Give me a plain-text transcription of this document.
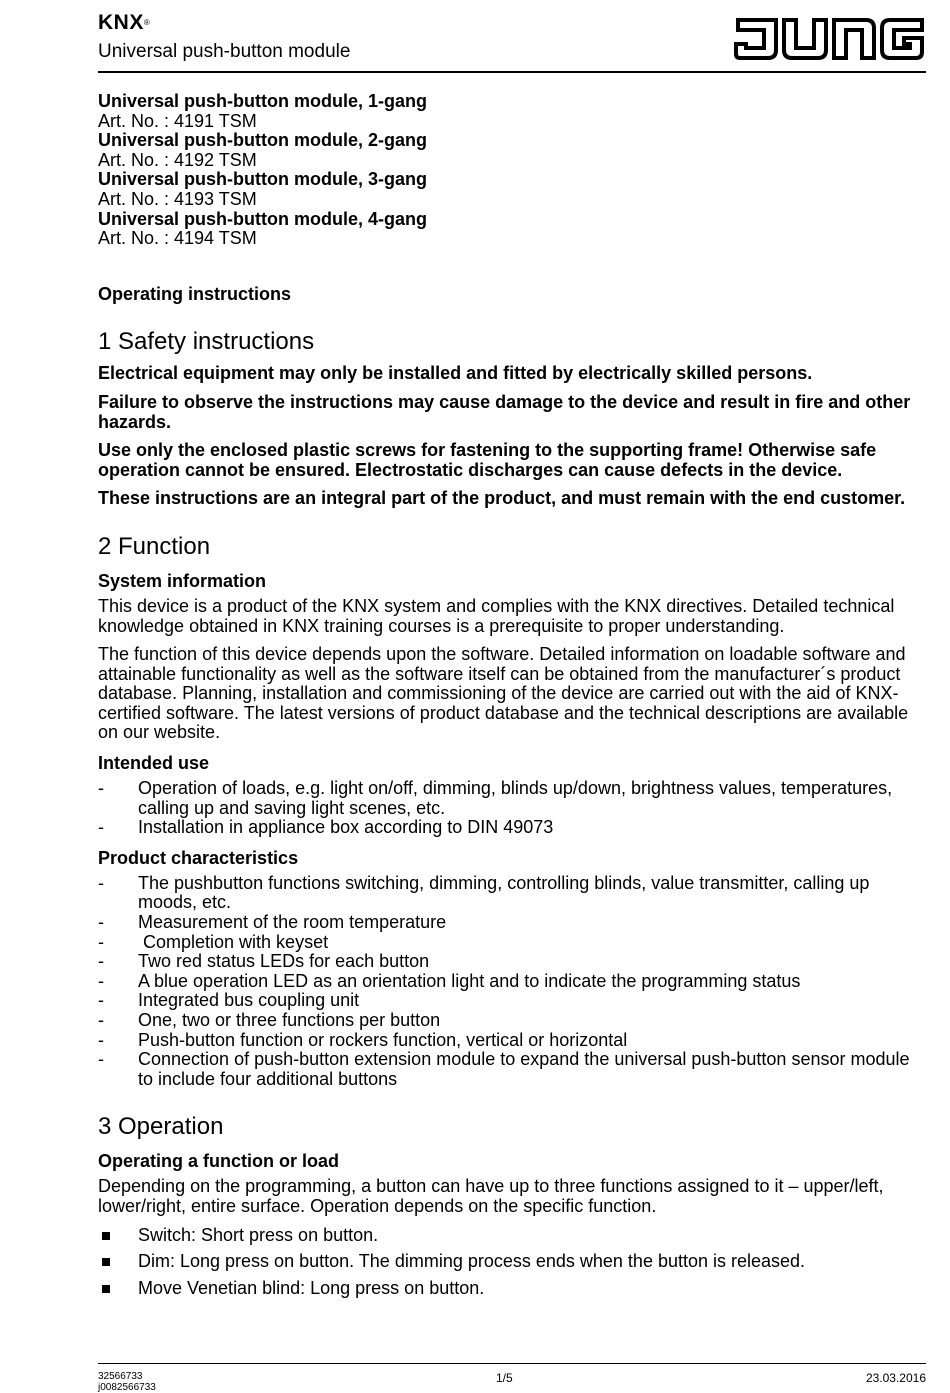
KNX®
Universal push-button module
Universal push-button module, 1-gang
Art. No. : 4191 TSM
Universal push-button module, 2-gang
Art. No. : 4192 TSM
Universal push-button module, 3-gang
Art. No. : 4193 TSM
Universal push-button module, 4-gang
Art. No. : 4194 TSM
Operating instructions
1 Safety instructions

Electrical equipment may only be installed and fitted by electrically skilled persons.

Failure to observe the instructions may cause damage to the device and result in fire and other hazards.

Use only the enclosed plastic screws for fastening to the supporting frame! Otherwise safe operation cannot be ensured. Electrostatic discharges can cause defects in the device.

These instructions are an integral part of the product, and must remain with the end customer.

2 Function
System information

This device is a product of the KNX system and complies with the KNX directives. Detailed technical knowledge obtained in KNX training courses is a prerequisite to proper understanding.

The function of this device depends upon the software. Detailed information on loadable software and attainable functionality as well as the software itself can be obtained from the manufacturer´s product database. Planning, installation and commissioning of the device are carried out with the aid of KNX-certified software. The latest versions of product database and the technical descriptions are available on our website.

Intended use
- Operation of loads, e.g. light on/off, dimming, blinds up/down, brightness values, temperatures, calling up and saving light scenes, etc.
- Installation in appliance box according to DIN 49073
Product characteristics
- The pushbutton functions switching, dimming, controlling blinds, value transmitter, calling up moods, etc.
- Measurement of the room temperature
- Completion with keyset
- Two red status LEDs for each button
- A blue operation LED as an orientation light and to indicate the programming status
- Integrated bus coupling unit
- One, two or three functions per button
- Push-button function or rockers function, vertical or horizontal
- Connection of push-button extension module to expand the universal push-button sensor module to include four additional buttons
3 Operation
Operating a function or load

Depending on the programming, a button can have up to three functions assigned to it – upper/left, lower/right, entire surface. Operation depends on the specific function.

Switch: Short press on button.
Dim: Long press on button. The dimming process ends when the button is released.
Move Venetian blind: Long press on button.
32566733
j0082566733
1/5	23.03.2016
